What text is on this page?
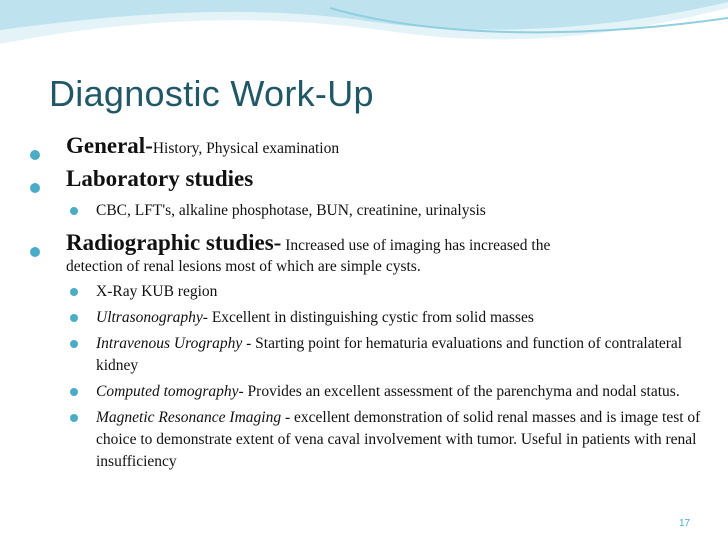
Diagnostic Work-Up
General-History, Physical examination
Laboratory studies
CBC, LFT's, alkaline phosphotase, BUN, creatinine, urinalysis
Radiographic studies- Increased use of imaging has increased the
detection of renal lesions most of which are simple cysts.
X-Ray KUB region
Ultrasonography- Excellent in distinguishing cystic from solid masses
Intravenous Urography - Starting point for hematuria evaluations and function of contralateral kidney
Computed tomography- Provides an excellent assessment of the parenchyma and nodal status.
Magnetic Resonance Imaging - excellent demonstration of solid renal masses and is image test of choice to demonstrate extent of vena caval involvement with tumor. Useful in patients with renal insufficiency
17
